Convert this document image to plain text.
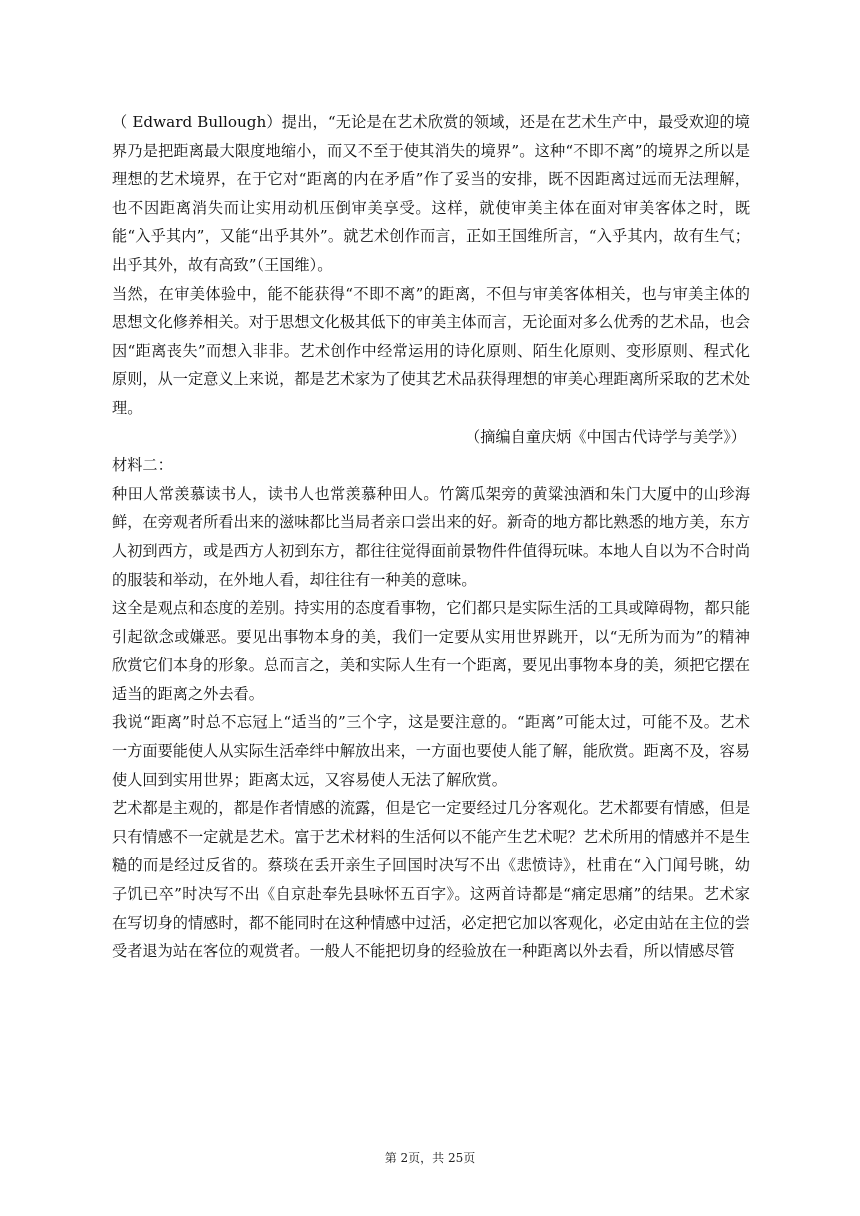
（ Edward Bullough）提出，“无论是在艺术欣赏的领域，还是在艺术生产中，最受欢迎的境界乃是把距离最大限度地缩小，而又不至于使其消失的境界”。这种“不即不离”的境界之所以是理想的艺术境界，在于它对“距离的内在矛盾”作了妥当的安排，既不因距离过远而无法理解，也不因距离消失而让实用动机压倒审美享受。这样，就使审美主体在面对审美客体之时，既能“入乎其内”，又能“出乎其外”。就艺术创作而言，正如王国维所言，“入乎其内，故有生气；出乎其外，故有高致”（王国维）。

当然，在审美体验中，能不能获得“不即不离”的距离，不但与审美客体相关，也与审美主体的思想文化修养相关。对于思想文化极其低下的审美主体而言，无论面对多么优秀的艺术品，也会因“距离丧失”而想入非非。艺术创作中经常运用的诗化原则、陌生化原则、变形原则、程式化原则，从一定意义上来说，都是艺术家为了使其艺术品获得理想的审美心理距离所采取的艺术处理。

（摘编自童庆炳《中国古代诗学与美学》）

材料二：

种田人常羡慕读书人，读书人也常羡慕种田人。竹篱瓜架旁的黄粱浊酒和朱门大厦中的山珍海鲜，在旁观者所看出来的滋味都比当局者亲口尝出来的好。新奇的地方都比熟悉的地方美，东方人初到西方，或是西方人初到东方，都往往觉得面前景物件件值得玩味。本地人自以为不合时尚的服装和举动，在外地人看，却往往有一种美的意味。

这全是观点和态度的差别。持实用的态度看事物，它们都只是实际生活的工具或障碍物，都只能引起欲念或嫌恶。要见出事物本身的美，我们一定要从实用世界跳开，以“无所为而为”的精神欣赏它们本身的形象。总而言之，美和实际人生有一个距离，要见出事物本身的美，须把它摆在适当的距离之外去看。

我说“距离”时总不忘冠上“适当的”三个字，这是要注意的。“距离”可能太过，可能不及。艺术一方面要能使人从实际生活牵绊中解放出来，一方面也要使人能了解，能欣赏。距离不及，容易使人回到实用世界；距离太远，又容易使人无法了解欣赏。

艺术都是主观的，都是作者情感的流露，但是它一定要经过几分客观化。艺术都要有情感，但是只有情感不一定就是艺术。富于艺术材料的生活何以不能产生艺术呢？艺术所用的情感并不是生糙的而是经过反省的。蔡琰在丢开亲生子回国时决写不出《悲愤诗》，杜甫在“入门闻号眺，幼子饥已卒”时决写不出《自京赴奉先县咏怀五百字》。这两首诗都是“痛定思痛”的结果。艺术家在写切身的情感时，都不能同时在这种情感中过活，必定把它加以客观化，必定由站在主位的尝受者退为站在客位的观赏者。一般人不能把切身的经验放在一种距离以外去看，所以情感尽管

第 2页，共 25页
